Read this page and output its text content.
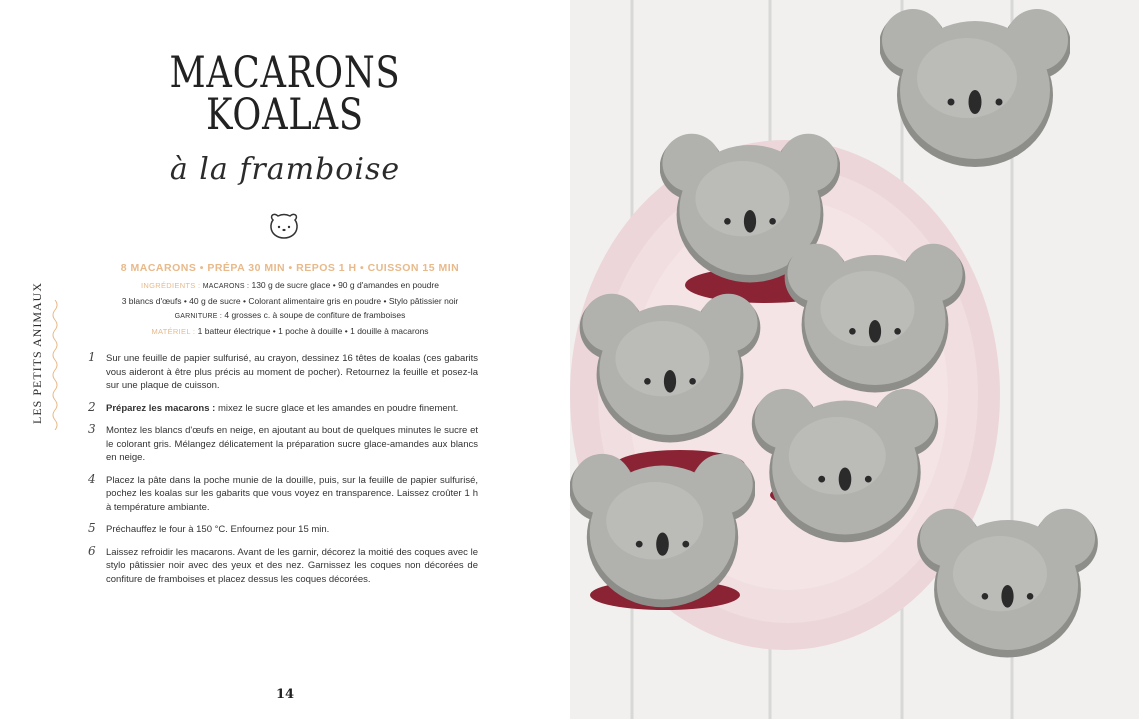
LES PETITS ANIMAUX
MACARONS
KOALAS
à la framboise
8 MACARONS • PRÉPA 30 MIN • REPOS 1 H • CUISSON 15 MIN
INGRÉDIENTS : MACARONS : 130 g de sucre glace • 90 g d'amandes en poudre
3 blancs d'œufs • 40 g de sucre • Colorant alimentaire gris en poudre • Stylo pâtissier noir
GARNITURE : 4 grosses c. à soupe de confiture de framboises
MATÉRIEL : 1 batteur électrique • 1 poche à douille • 1 douille à macarons
1 Sur une feuille de papier sulfurisé, au crayon, dessinez 16 têtes de koalas (ces gabarits vous aideront à être plus précis au moment de pocher). Retournez la feuille et posez-la sur une plaque de cuisson.
2 Préparez les macarons : mixez le sucre glace et les amandes en poudre finement.
3 Montez les blancs d'œufs en neige, en ajoutant au bout de quelques minutes le sucre et le colorant gris. Mélangez délicatement la préparation sucre glace-amandes aux blancs en neige.
4 Placez la pâte dans la poche munie de la douille, puis, sur la feuille de papier sulfurisé, pochez les koalas sur les gabarits que vous voyez en transparence. Laissez croûter 1 h à température ambiante.
5 Préchauffez le four à 150 °C. Enfournez pour 15 min.
6 Laissez refroidir les macarons. Avant de les garnir, décorez la moitié des coques avec le stylo pâtissier noir avec des yeux et des nez. Garnissez les coques non décorées de confiture de framboises et placez dessus les coques décorées.
14
